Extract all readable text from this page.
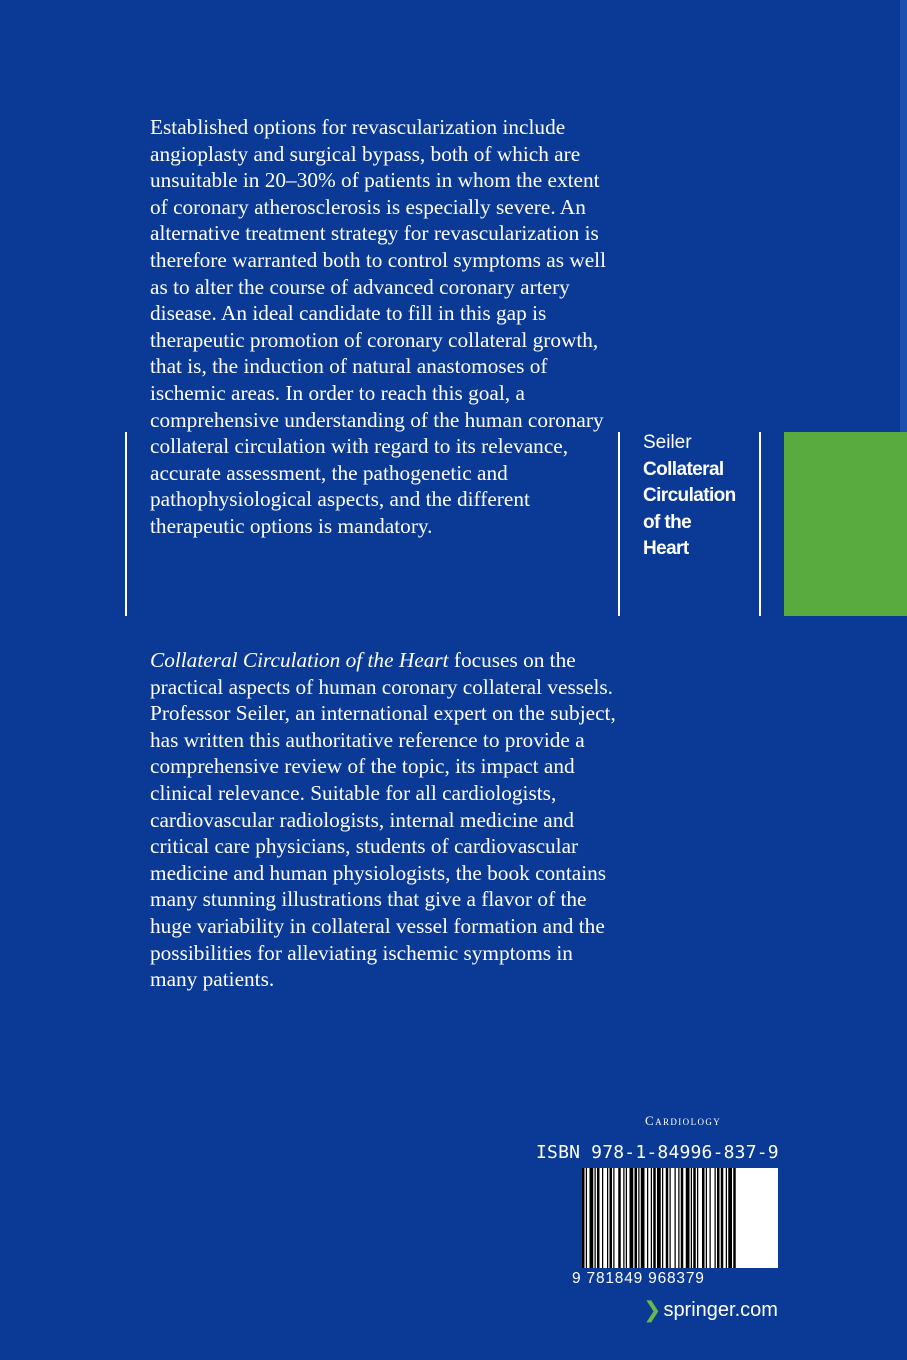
Established options for revascularization include angioplasty and surgical bypass, both of which are unsuitable in 20–30% of patients in whom the extent of coronary atherosclerosis is especially severe. An alternative treatment strategy for revascularization is therefore warranted both to control symptoms as well as to alter the course of advanced coronary artery disease. An ideal candidate to fill in this gap is therapeutic promotion of coronary collateral growth, that is, the induction of natural anastomoses of ischemic areas. In order to reach this goal, a comprehensive understanding of the human coronary collateral circulation with regard to its relevance, accurate assessment, the pathogenetic and pathophysiological aspects, and the different therapeutic options is mandatory.

Seiler
Collateral
Circulation
of the
Heart

Collateral Circulation of the Heart focuses on the practical aspects of human coronary collateral vessels. Professor Seiler, an international expert on the subject, has written this authoritative reference to provide a comprehensive review of the topic, its impact and clinical relevance. Suitable for all cardiologists, cardiovascular radiologists, internal medicine and critical care physicians, students of cardiovascular medicine and human physiologists, the book contains many stunning illustrations that give a flavor of the huge variability in collateral vessel formation and the possibilities for alleviating ischemic symptoms in many patients.

Cardiology
ISBN 978-1-84996-837-9
9 781849 968379
❯ springer.com
